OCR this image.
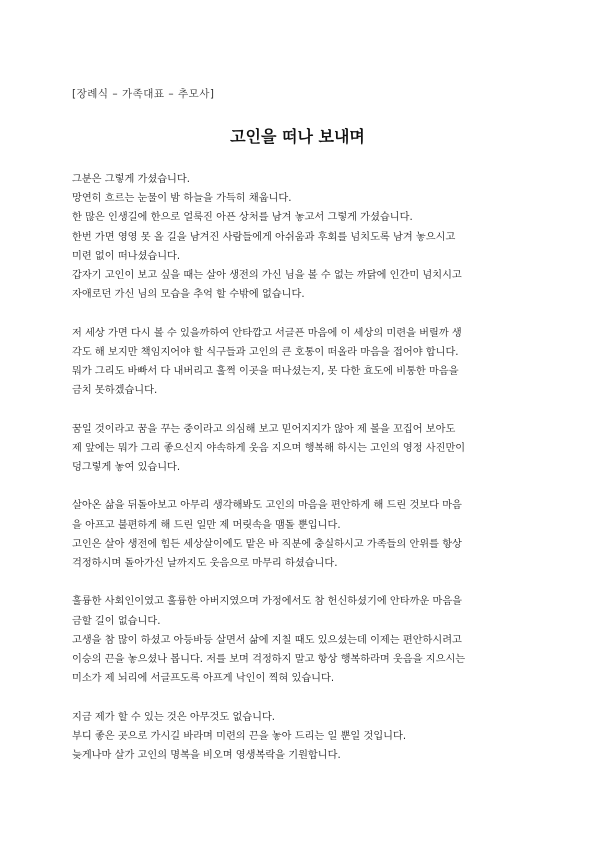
[장례식 – 가족대표 – 추모사]
고인을 떠나 보내며

그분은 그렇게 가셨습니다.
망연히 흐르는 눈물이 밤 하늘을 가득히 채웁니다.
한 많은 인생길에 한으로 얼룩진 아픈 상처를 남겨 놓고서 그렇게 가셨습니다.
한번 가면 영영 못 올 길을 남겨진 사람들에게 아쉬움과 후회를 넘치도록 남겨 놓으시고
미련 없이 떠나셨습니다.
갑자기 고인이 보고 싶을 때는 살아 생전의 가신 님을 볼 수 없는 까닭에 인간미 넘치시고
자애로던 가신 님의 모습을 추억 할 수밖에 없습니다.

저 세상 가면 다시 볼 수 있을까하여 안타깝고 서글픈 마음에 이 세상의 미련을 버릴까 생
각도 해 보지만 책임지어야 할 식구들과 고인의 큰 호통이 떠올라 마음을 접어야 합니다.
뭐가 그리도 바빠서 다 내버리고 훌쩍 이곳을 떠나셨는지, 못 다한 효도에 비통한 마음을
금치 못하겠습니다.

꿈일 것이라고 꿈을 꾸는 중이라고 의심해 보고 믿어지지가 않아 제 볼을 꼬집어 보아도
제 앞에는 뭐가 그리 좋으신지 야속하게 웃음 지으며 행복해 하시는 고인의 영정 사진만이
덩그렇게 놓여 있습니다.

살아온 삶을 뒤돌아보고 아무리 생각해봐도 고인의 마음을 편안하게 해 드린 것보다 마음
을 아프고 불편하게 해 드린 일만 제 머릿속을 맴돌 뿐입니다.
고인은 살아 생전에 힘든 세상살이에도 맡은 바 직분에 충실하시고 가족들의 안위를 항상
걱정하시며 돌아가신 날까지도 웃음으로 마무리 하셨습니다.

훌륭한 사회인이였고 훌륭한 아버지였으며 가정에서도 참 헌신하셨기에 안타까운 마음을
금할 길이 없습니다.
고생을 참 많이 하셨고 아등바등 살면서 삶에 지칠 때도 있으셨는데 이제는 편안하시려고
이승의 끈을 놓으셨나 봅니다. 저를 보며 걱정하지 말고 항상 행복하라며 웃음을 지으시는
미소가 제 뇌리에 서글프도록 아프게 낙인이 찍혀 있습니다.

지금 제가 할 수 있는 것은 아무것도 없습니다.
부디 좋은 곳으로 가시길 바라며 미련의 끈을 놓아 드리는 일 뿐일 것입니다.
늦게나마 살가 고인의 명복을 비오며 영생복락을 기원합니다.
